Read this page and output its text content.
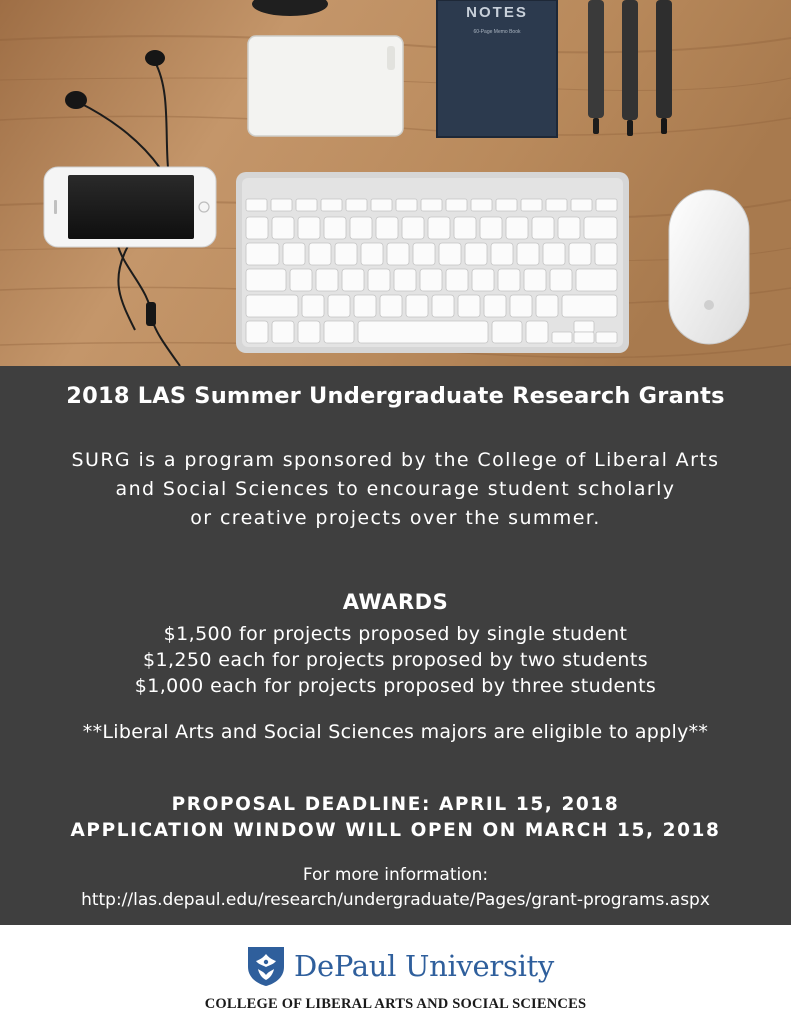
NOTES
60-Page Memo Book
2018 LAS Summer Undergraduate Research Grants
SURG is a program sponsored by the College of Liberal Arts
and Social Sciences to encourage student scholarly
or creative projects over the summer.
AWARDS
$1,500 for projects proposed by single student
$1,250 each for projects proposed by two students
$1,000 each for projects proposed by three students
**Liberal Arts and Social Sciences majors are eligible to apply**
PROPOSAL DEADLINE: APRIL 15, 2018
APPLICATION WINDOW WILL OPEN ON MARCH 15, 2018
For more information:
http://las.depaul.edu/research/undergraduate/Pages/grant-programs.aspx
DePaul University
COLLEGE OF LIBERAL ARTS AND SOCIAL SCIENCES
